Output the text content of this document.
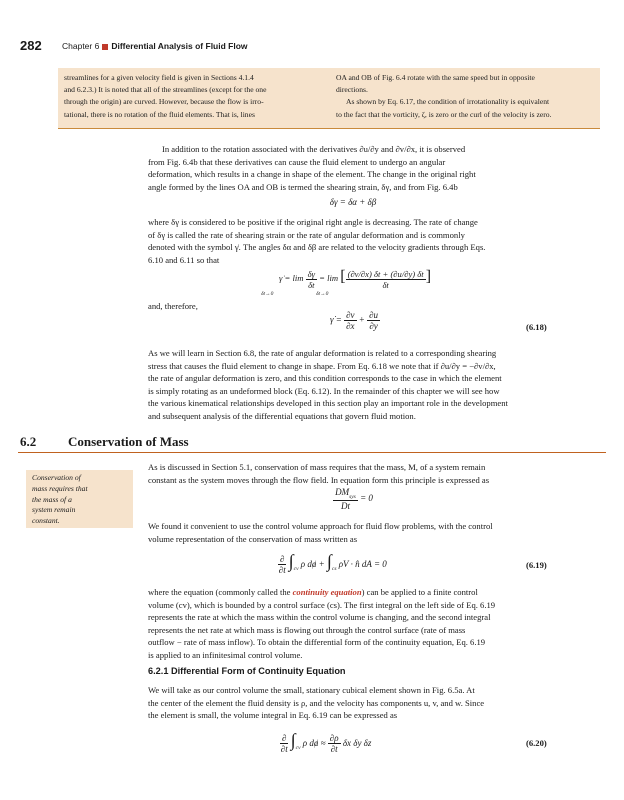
282 Chapter 6 Differential Analysis of Fluid Flow

streamlines for a given velocity field is given in Sections 4.1.4

and 6.2.3.) It is noted that all of the streamlines (except for the one

through the origin) are curved. However, because the flow is irro-

tational, there is no rotation of the fluid elements. That is, lines

OA and OB of Fig. 6.4 rotate with the same speed but in opposite

directions.

As shown by Eq. 6.17, the condition of irrotationality is equivalent

to the fact that the vorticity, ζ, is zero or the curl of the velocity is zero.

In addition to the rotation associated with the derivatives ∂u/∂y and ∂v/∂x, it is observed

from Fig. 6.4b that these derivatives can cause the fluid element to undergo an angular

deformation, which results in a change in shape of the element. The change in the original right

angle formed by the lines OA and OB is termed the shearing strain, δγ, and from Fig. 6.4b

δγ = δα + δβ

where δγ is considered to be positive if the original right angle is decreasing. The rate of change

of δγ is called the rate of shearing strain or the rate of angular deformation and is commonly

denoted with the symbol γ̇. The angles δα and δβ are related to the velocity gradients through Eqs.

6.10 and 6.11 so that

γ̇ = $\lim \frac{\delta\gamma}{\delta t} = \lim$ [ $\frac{(\partial v/\partial x) \delta t + (\partial u/\partial y) \delta t}{\delta t}$ ]
δt→0	δt→0
and, therefore,
γ̇ = $\frac{\partial v}{\partial x} + \frac{\partial u}{\partial y}$	(6.18)

As we will learn in Section 6.8, the rate of angular deformation is related to a corresponding shearing

stress that causes the fluid element to change in shape. From Eq. 6.18 we note that if ∂u/∂y = −∂v/∂x,

the rate of angular deformation is zero, and this condition corresponds to the case in which the element

is simply rotating as an undeformed block (Eq. 6.12). In the remainder of this chapter we will see how

the various kinematical relationships developed in this section play an important role in the development

and subsequent analysis of the differential equations that govern fluid motion.

6.2 Conservation of Mass
Conservation of
mass requires that
the mass of a
system remain
constant.

As is discussed in Section 5.1, conservation of mass requires that the mass, M, of a system remain

constant as the system moves through the flow field. In equation form this principle is expressed as

$\frac{DM_{sys}}{Dt} = 0$

We found it convenient to use the control volume approach for fluid flow problems, with the control

volume representation of the conservation of mass written as

$\frac{\partial}{\partial t} \int_{cv}$ ρ dⱥ + $\int_{cs}$ ρV · n̂ dA = 0	(6.19)

where the equation (commonly called the continuity equation) can be applied to a finite control

volume (cv), which is bounded by a control surface (cs). The first integral on the left side of Eq. 6.19

represents the rate at which the mass within the control volume is changing, and the second integral

represents the net rate at which mass is flowing out through the control surface (rate of mass

outflow − rate of mass inflow). To obtain the differential form of the continuity equation, Eq. 6.19

is applied to an infinitesimal control volume.

6.2.1 Differential Form of Continuity Equation

We will take as our control volume the small, stationary cubical element shown in Fig. 6.5a. At

the center of the element the fluid density is ρ, and the velocity has components u, v, and w. Since

the element is small, the volume integral in Eq. 6.19 can be expressed as

$\frac{\partial}{\partial t} \int_{cv}$ ρ dⱥ ≈ $\frac{\partial\rho}{\partial t}$ δx δy δz	(6.20)
